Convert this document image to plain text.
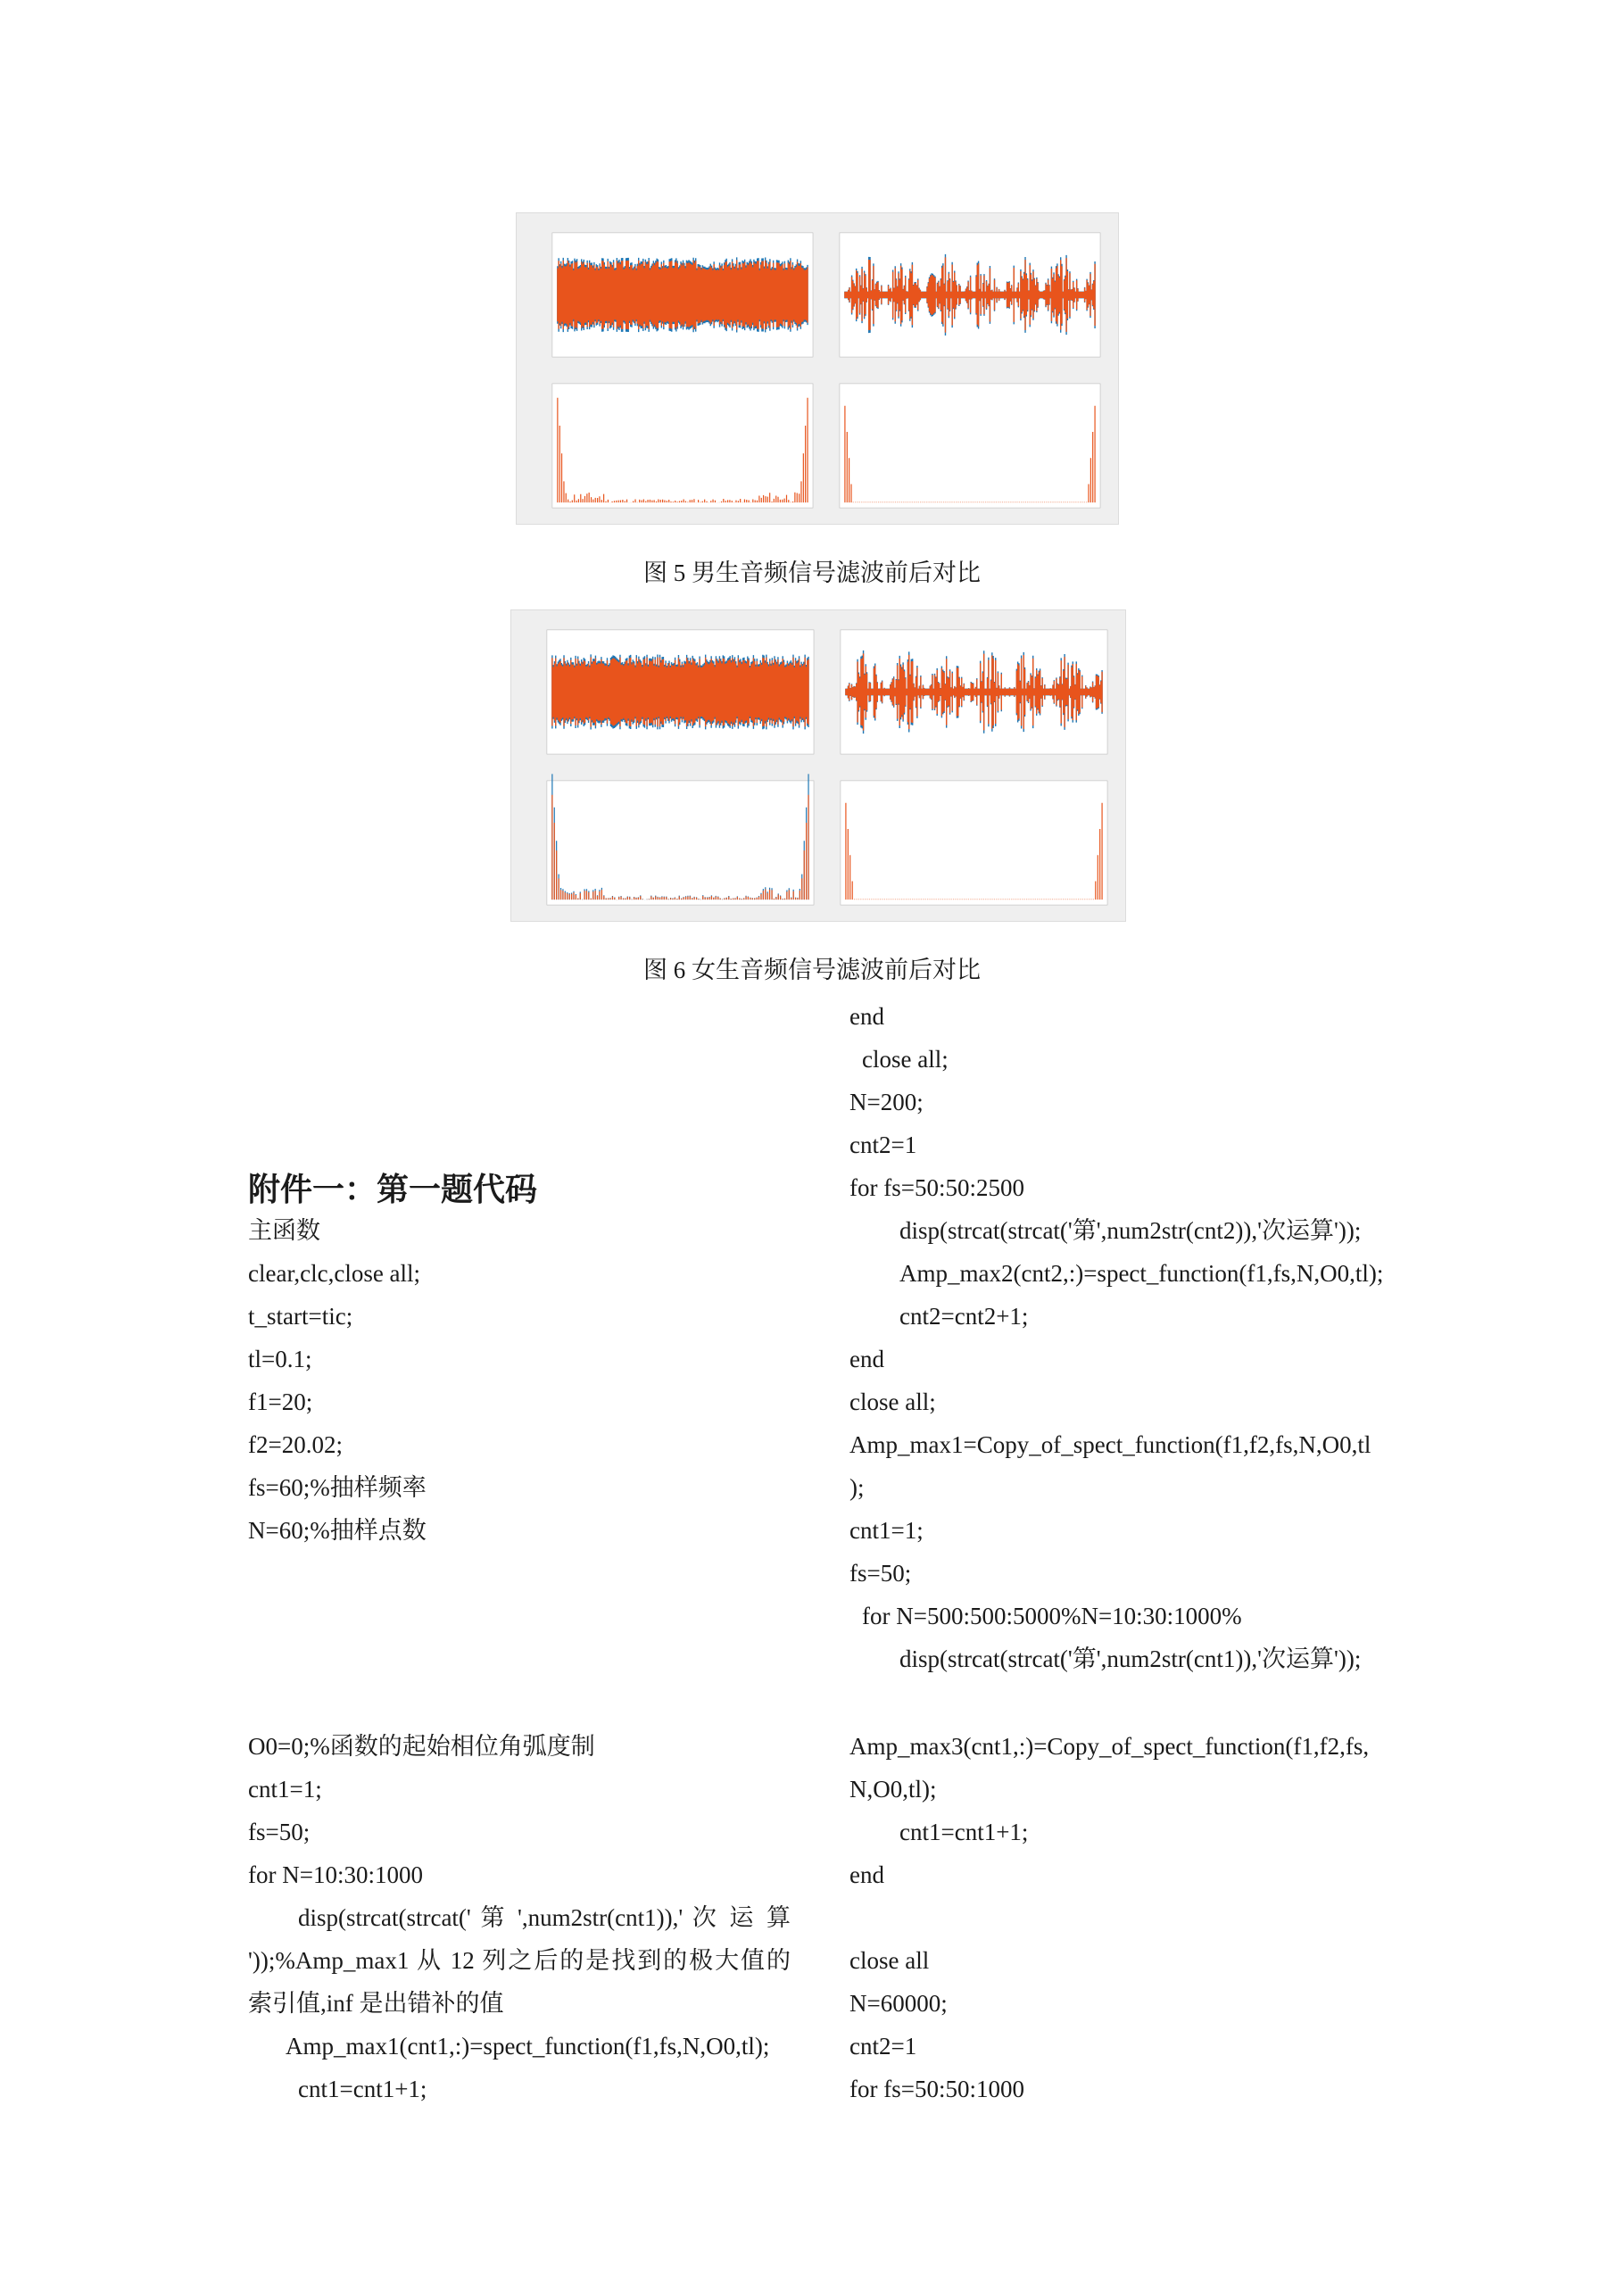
图 5 男生音频信号滤波前后对比
图 6 女生音频信号滤波前后对比
附件一：第一题代码
主函数
clear,clc,close all;
t_start=tic;
tl=0.1;
f1=20;
f2=20.02;
fs=60;%抽样频率
N=60;%抽样点数
O0=0;%函数的起始相位角弧度制
cnt1=1;
fs=50;
for N=10:30:1000
disp(strcat(strcat(' 第 ',num2str(cnt1)),' 次 运 算
'));%Amp_max1 从 12 列之后的是找到的极大值的
索引值,inf 是出错补的值
Amp_max1(cnt1,:)=spect_function(f1,fs,N,O0,tl);
cnt1=cnt1+1;
end
close all;
N=200;
cnt2=1
for fs=50:50:2500
disp(strcat(strcat('第',num2str(cnt2)),'次运算'));
Amp_max2(cnt2,:)=spect_function(f1,fs,N,O0,tl);
cnt2=cnt2+1;
end
close all;
Amp_max1=Copy_of_spect_function(f1,f2,fs,N,O0,tl
);
cnt1=1;
fs=50;
for N=500:500:5000%N=10:30:1000%
disp(strcat(strcat('第',num2str(cnt1)),'次运算'));
Amp_max3(cnt1,:)=Copy_of_spect_function(f1,f2,fs,
N,O0,tl);
cnt1=cnt1+1;
end
close all
N=60000;
cnt2=1
for fs=50:50:1000
